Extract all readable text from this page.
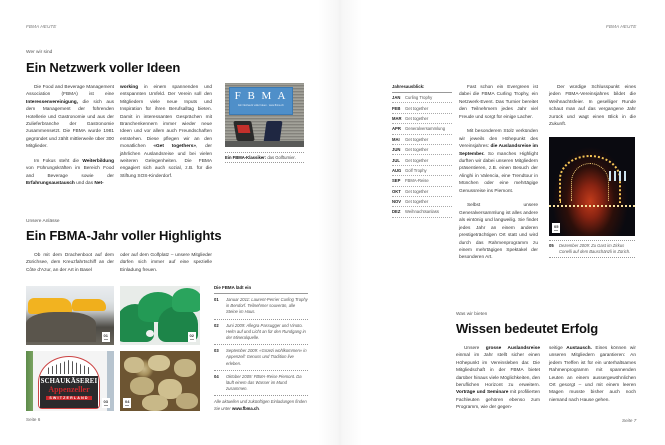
FBMA HEUTE
Wer wir sind
Ein Netzwerk voller Ideen

Die Food and Beverage Management Association (FBMA) ist eine Interessenvereinigung, die sich aus dem Management der führenden Hotellerie und Gastronomie und aus der Zulieferbranche der Gastronomie zusammensetzt. Die FBMA wurde 1981 gegründet und zählt mittlerweile über 300 Mitglieder.

Im Fokus steht die Weiterbildung von Führungskräften im Bereich Food and Beverage sowie der Erfahrungsaustausch und das Net-

working in einem spannenden und entspannten Umfeld. Der Verein soll den Mitgliedern viele neue Inputs und Inspiration für ihren Berufsalltag bieten. Damit in interessanten Gesprächen mit Branchenkennern immer wieder neue Ideen und vor allem auch Freundschaften entstehen. Diese pflegen wir an den monatlichen «Get togethers», der jährlichen Auslandsreise und bei vielen weiteren Gelegenheiten. Die FBMA engagiert sich auch sozial, z.B. für die Stiftung SOS-Kinderdorf.

F B M A
Ein Netzwerk voller Ideen · www.fbma.ch
Ein FBMA-Klassiker: das Golfturnier.
Unsere Anlässe
Ein FBMA-Jahr voller Highlights

Ob mit dem Drachenboot auf dem Zürichsee, dem Kreuzfahrtschiff an der Côte d'Azur, an der Art in Basel

oder auf dem Golfplatz – unsere Mitglieder dürfen sich immer auf eine spezielle Einladung freuen.

01	02
SCHAUKÄSEREI
Appenzeller
SWITZERLAND
03	04
Die FBMA lädt ein
01	Januar 2011: Laurent-Perrier Curling Trophy in Bendorf. Teilnehmer souverän, alle Steine im Haus.
02	Juni 2009: Allegra Passugger und Vinoto. Helm auf und Licht an für den Rundgang in der Mineralquelle.
03	September 2009: «Grüezi wohlkommen» in Appenzell: Genuss und Tradition live erleben.
04	Oktober 2009: FBMA-Reise Piemont. Da läuft einem das Wasser im Mund zusammen.
Alle aktuellen und zukünftigen Einladungen finden Sie unter www.fbma.ch.
Seite 6
FBMA HEUTE
Jahresausblick:
JAN	Curling Trophy
FEB	Get together
MAR Get together
APR Generalversammlung
MAI	Get together
JUN	Get together
JUL	Get together
AUG Golf Trophy
SEP	FBMA-Reise
OKT Get together
NOV Get together
DEZ	Weihnachtsanlass

Fast schon ein Evergreen ist dabei die FBMA Curling Trophy, ein Netzwerk-Event. Das Turnier bereitet den Teilnehmern jedes Jahr viel Freude und sorgt für einige Lacher.

Mit besonderem Stolz verkünden wir jeweils den Höhepunkt des Vereinsjahres: die Auslandsreise im September. So manches Highlight durften wir dabei unseren Mitgliedern präsentieren, z.B. einen Besuch der Alinghi in Valencia, eine Trendtour in München oder eine mehrtägige Genussreise ins Piemont.

Selbst unsere Generalversammlung ist alles andere als eintönig und langweilig. Sie findet jedes Jahr an einem anderen prestigeträchtigen Ort statt und wird durch das Rahmenprogramm zu einem mehrtägigen Spektakel der besonderen Art.

Der würdige Schlusspunkt eines jeden FBMA-Vereinsjahres bildet die Weihnachtsfeier. In geselliger Runde schaut man auf das vergangene Jahr zurück und wagt einen Blick in die Zukunft.

05
05	Dezember 2009: Zu Gast im Zirkus Conelli auf dem Bauschänzli in Zürich.
Was wir bieten
Wissen bedeutet Erfolg

Unsere grosse Auslandsreise einmal im Jahr stellt sicher einen Höhepunkt im Vereinsleben dar. Die Mitgliedschaft in der FBMA bietet darüber hinaus viele Möglichkeiten, den beruflichen Horizont zu erweitern. Vorträge und Seminare mit profilierten Fachleuten gehören ebenso zum Programm, wie der gegen-

seitige Austausch. Eines können wir unseren Mitgliedern garantieren: An jedem Treffen ist für ein unterhaltsames Rahmenprogramm mit spannenden Leuten an einem aussergewöhnlichen Ort gesorgt – und mit einem leeren Magen musste bisher auch noch niemand nach Hause gehen.

Seite 7
